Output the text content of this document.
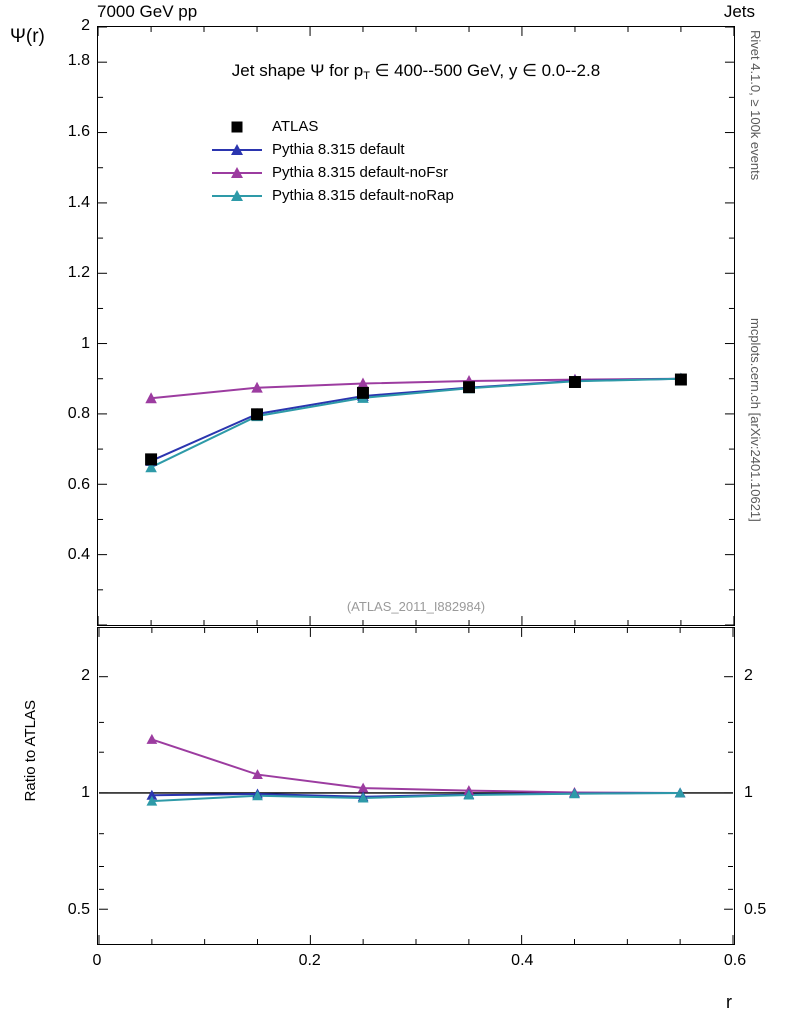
7000 GeV pp	Jets
Rivet 4.1.0, ≥ 100k events
mcplots.cern.ch [arXiv:2401.10621]
Ψ(r)
Ratio to ATLAS
r
Jet shape Ψ for $p_T$ ∈ 400--500 GeV, y ∈ 0.0--2.8
ATLAS
Pythia 8.315 default
Pythia 8.315 default-noFsr
Pythia 8.315 default-noRap
(ATLAS_2011_I882984)
2
1.8
1.6
1.4
1.2
1
0.8
0.6
0.4
2
1
0.5
2
1
0.5
0	0.2	0.4	0.6
